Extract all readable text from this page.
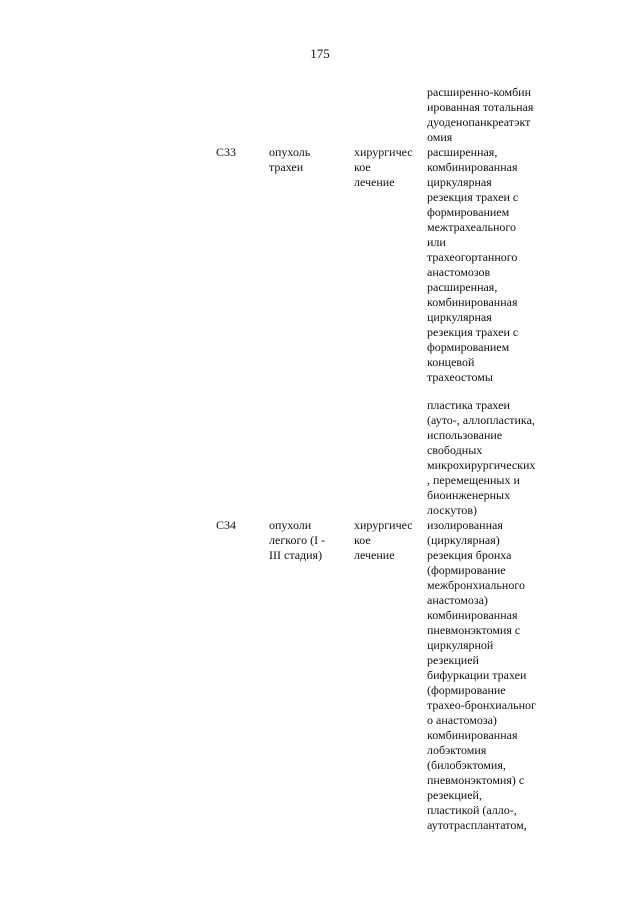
175
расширенно-комбин
ированная тотальная
дуоденопанкреатэкт
омия
C33	опухоль
трахеи
хирургичес
кое
лечение
расширенная,
комбинированная
циркулярная
резекция трахеи с
формированием
межтрахеального
или
трахеогортанного
анастомозов
расширенная,
комбинированная
циркулярная
резекция трахеи с
формированием
концевой
трахеостомы
пластика трахеи
(ауто-, аллопластика,
использование
свободных
микрохирургических
, перемещенных и
биоинженерных
лоскутов)
C34	опухоли
легкого (I -
III стадия)
хирургичес
кое
лечение
изолированная
(циркулярная)
резекция бронха
(формирование
межбронхиального
анастомоза)
комбинированная
пневмонэктомия с
циркулярной
резекцией
бифуркации трахеи
(формирование
трахео-бронхиальног
о анастомоза)
комбинированная
лобэктомия
(билобэктомия,
пневмонэктомия) с
резекцией,
пластикой (алло-,
аутотрасплантатом,
